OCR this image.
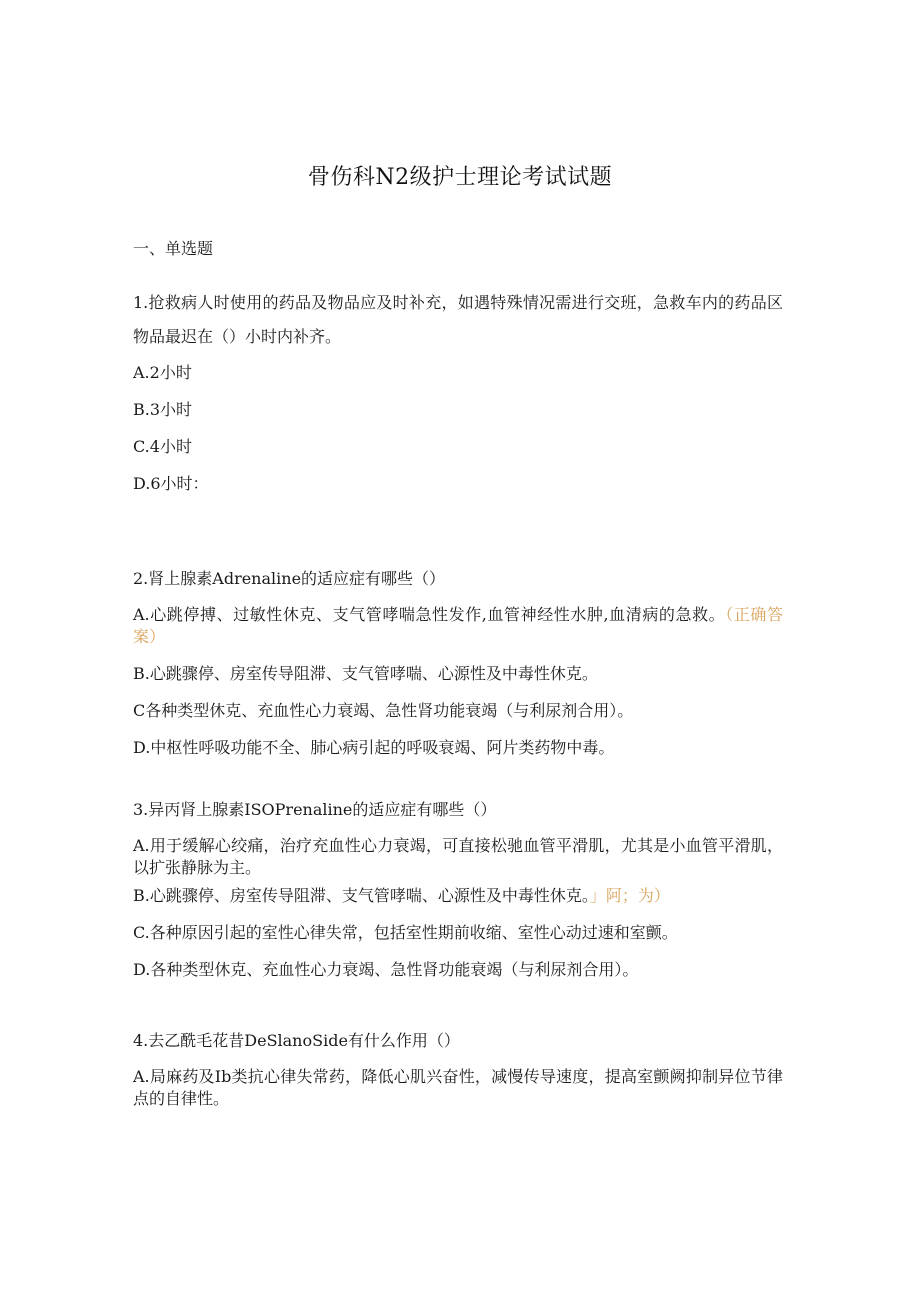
骨伤科N2级护士理论考试试题
一、单选题
1.抢救病人时使用的药品及物品应及时补充，如遇特殊情况需进行交班，急救车内的药品区物品最迟在（）小时内补齐。
A.2小时
B.3小时
C.4小时
D.6小时：
2.肾上腺素Adrenaline的适应症有哪些（）
A.心跳停搏、过敏性休克、支气管哮喘急性发作,血管神经性水肿,血清病的急救。（正确答案）
B.心跳骤停、房室传导阻滞、支气管哮喘、心源性及中毒性休克。
C各种类型休克、充血性心力衰竭、急性肾功能衰竭（与利尿剂合用）。
D.中枢性呼吸功能不全、肺心病引起的呼吸衰竭、阿片类药物中毒。
3.异丙肾上腺素ISOPrenaline的适应症有哪些（）
A.用于缓解心绞痛，治疗充血性心力衰竭，可直接松驰血管平滑肌，尤其是小血管平滑肌，以扩张静脉为主。
B.心跳骤停、房室传导阻滞、支气管哮喘、心源性及中毒性休克。」阿；为）
C.各种原因引起的室性心律失常，包括室性期前收缩、室性心动过速和室颤。
D.各种类型休克、充血性心力衰竭、急性肾功能衰竭（与利尿剂合用）。
4.去乙酰毛花昔DeSlanoSide有什么作用（）
A.局麻药及Ib类抗心律失常药，降低心肌兴奋性，减慢传导速度，提高室颤阙抑制异位节律点的自律性。
